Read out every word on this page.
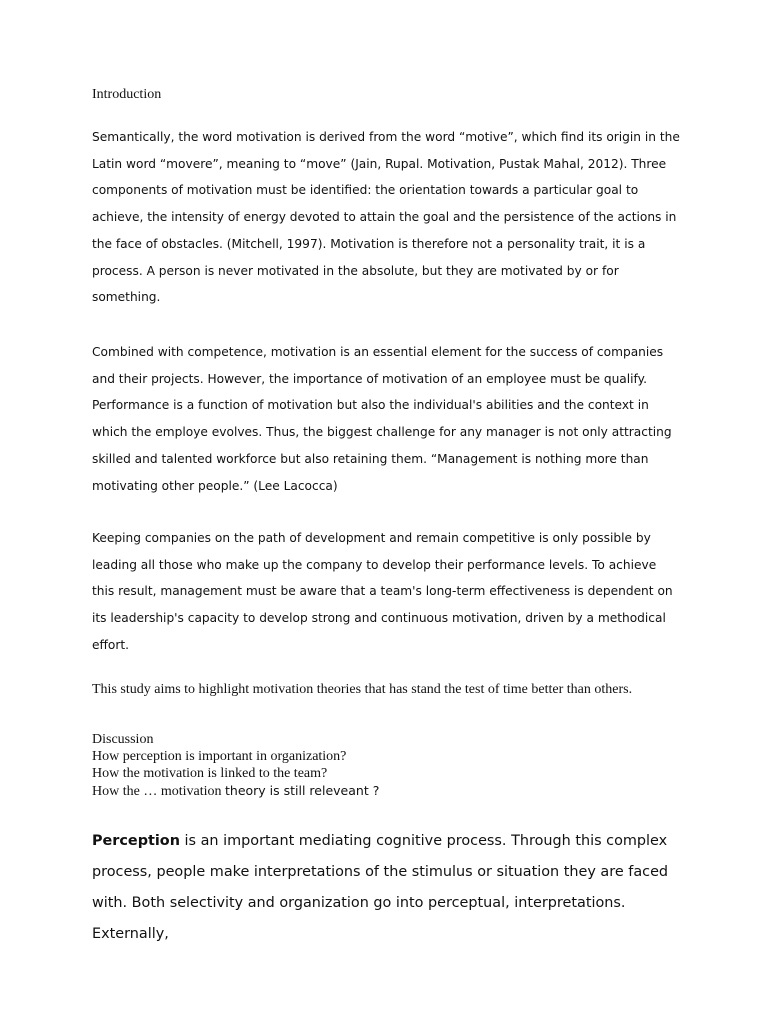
Introduction

Semantically, the word motivation is derived from the word “motive”, which find its origin in the Latin word “movere”, meaning to “move” (Jain, Rupal. Motivation, Pustak Mahal, 2012). Three components of motivation must be identified: the orientation towards a particular goal to achieve, the intensity of energy devoted to attain the goal and the persistence of the actions in the face of obstacles. (Mitchell, 1997). Motivation is therefore not a personality trait, it is a process. A person is never motivated in the absolute, but they are motivated by or for something.

Combined with competence, motivation is an essential element for the success of companies and their projects. However, the importance of motivation of an employee must be qualify. Performance is a function of motivation but also the individual's abilities and the context in which the employe evolves. Thus, the biggest challenge for any manager is not only attracting skilled and talented workforce but also retaining them. “Management is nothing more than motivating other people.” (Lee Lacocca)

Keeping companies on the path of development and remain competitive is only possible by leading all those who make up the company to develop their performance levels. To achieve this result, management must be aware that a team's long-term effectiveness is dependent on its leadership's capacity to develop strong and continuous motivation, driven by a methodical effort.

This study aims to highlight motivation theories that has stand the test of time better than others.

Discussion
How perception is important in organization?
How the motivation is linked to the team?
How the … motivation theory is still releveant ?

Perception is an important mediating cognitive process. Through this complex process, people make interpretations of the stimulus or situation they are faced with. Both selectivity and organization go into perceptual, interpretations. Externally,
